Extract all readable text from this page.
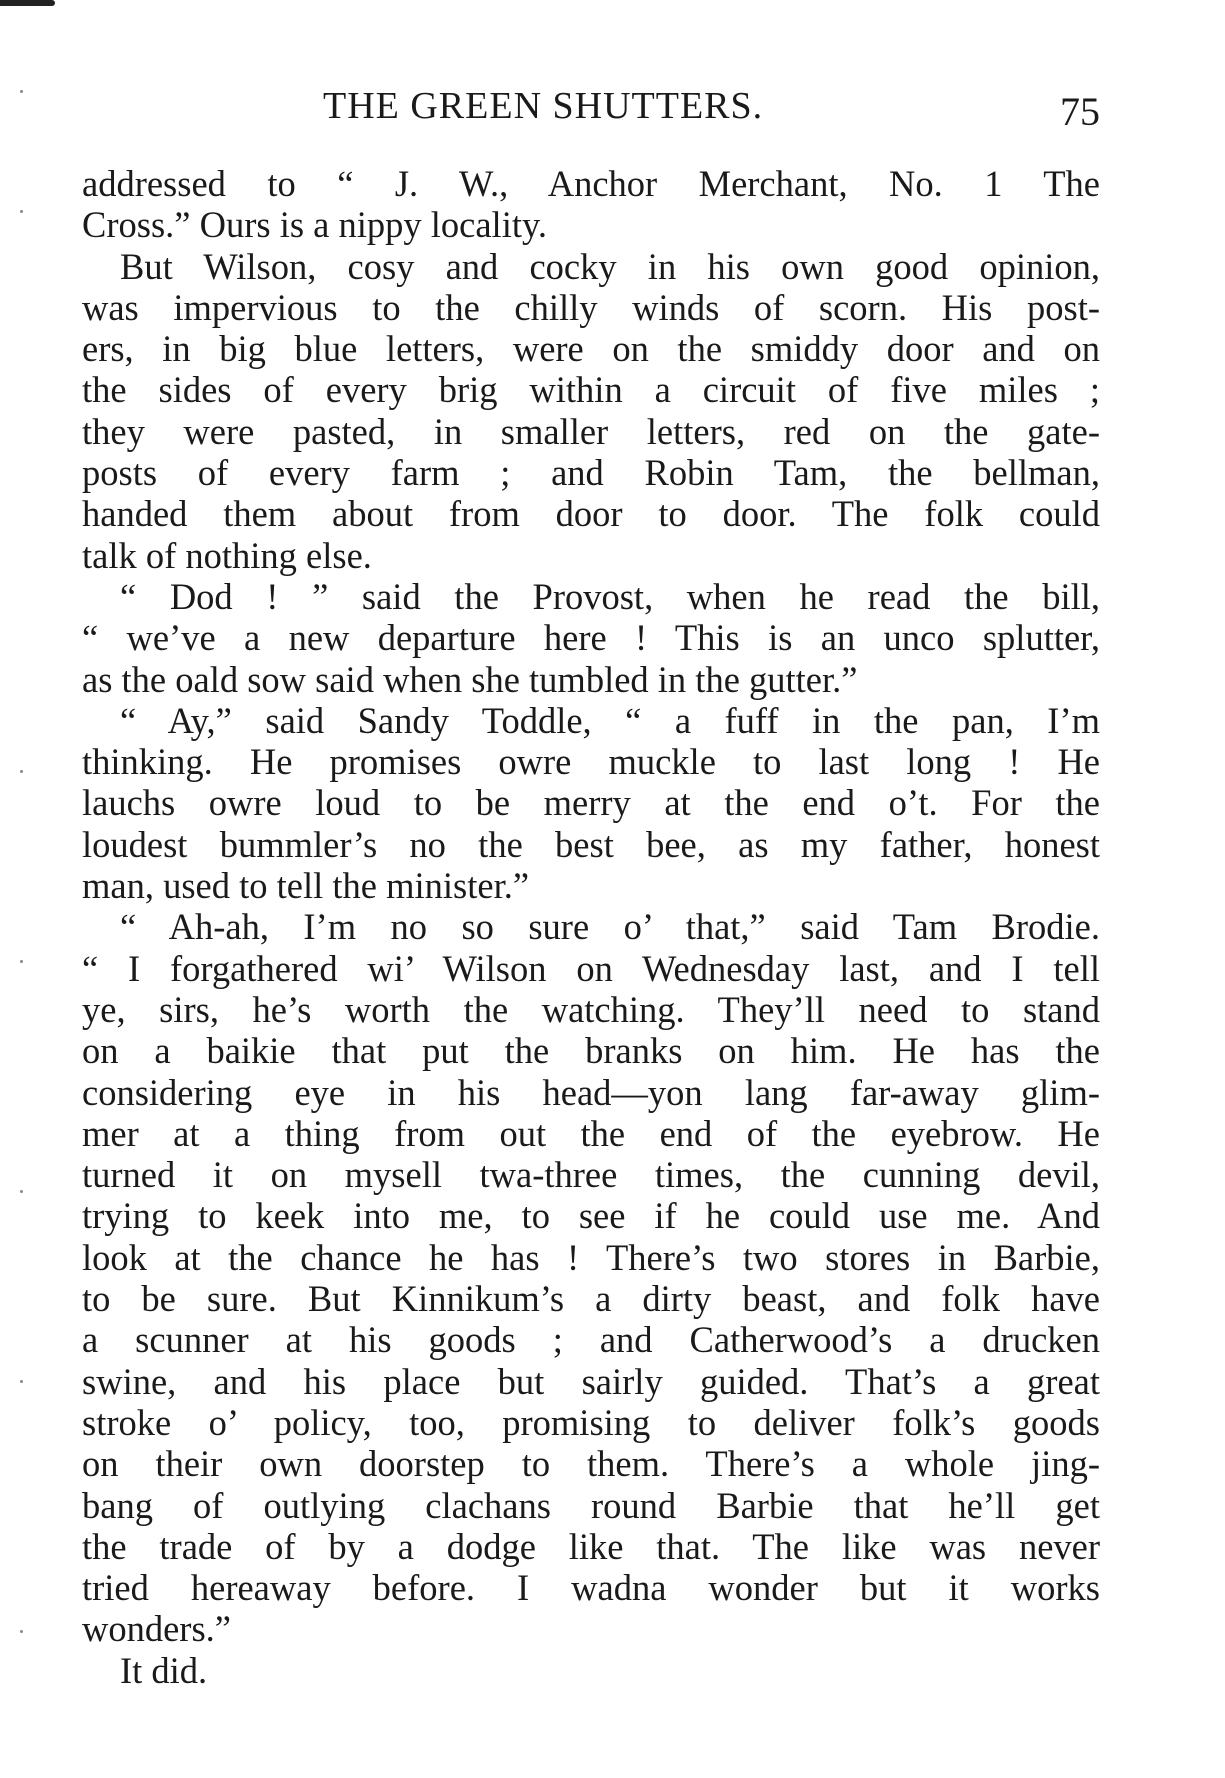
THE GREEN SHUTTERS.	75
addressed to “ J. W., Anchor Merchant, No. 1 The
Cross.” Ours is a nippy locality.
But Wilson, cosy and cocky in his own good opinion,
was impervious to the chilly winds of scorn. His post-
ers, in big blue letters, were on the smiddy door and on
the sides of every brig within a circuit of five miles ;
they were pasted, in smaller letters, red on the gate-
posts of every farm ; and Robin Tam, the bellman,
handed them about from door to door. The folk could
talk of nothing else.
“ Dod ! ” said the Provost, when he read the bill,
“ we’ve a new departure here ! This is an unco splutter,
as the oald sow said when she tumbled in the gutter.”
“ Ay,” said Sandy Toddle, “ a fuff in the pan, I’m
thinking. He promises owre muckle to last long ! He
lauchs owre loud to be merry at the end o’t. For the
loudest bummler’s no the best bee, as my father, honest
man, used to tell the minister.”
“ Ah-ah, I’m no so sure o’ that,” said Tam Brodie.
“ I forgathered wi’ Wilson on Wednesday last, and I tell
ye, sirs, he’s worth the watching. They’ll need to stand
on a baikie that put the branks on him. He has the
considering eye in his head—yon lang far-away glim-
mer at a thing from out the end of the eyebrow. He
turned it on mysell twa-three times, the cunning devil,
trying to keek into me, to see if he could use me. And
look at the chance he has ! There’s two stores in Barbie,
to be sure. But Kinnikum’s a dirty beast, and folk have
a scunner at his goods ; and Catherwood’s a drucken
swine, and his place but sairly guided. That’s a great
stroke o’ policy, too, promising to deliver folk’s goods
on their own doorstep to them. There’s a whole jing-
bang of outlying clachans round Barbie that he’ll get
the trade of by a dodge like that. The like was never
tried hereaway before. I wadna wonder but it works
wonders.”
It did.
